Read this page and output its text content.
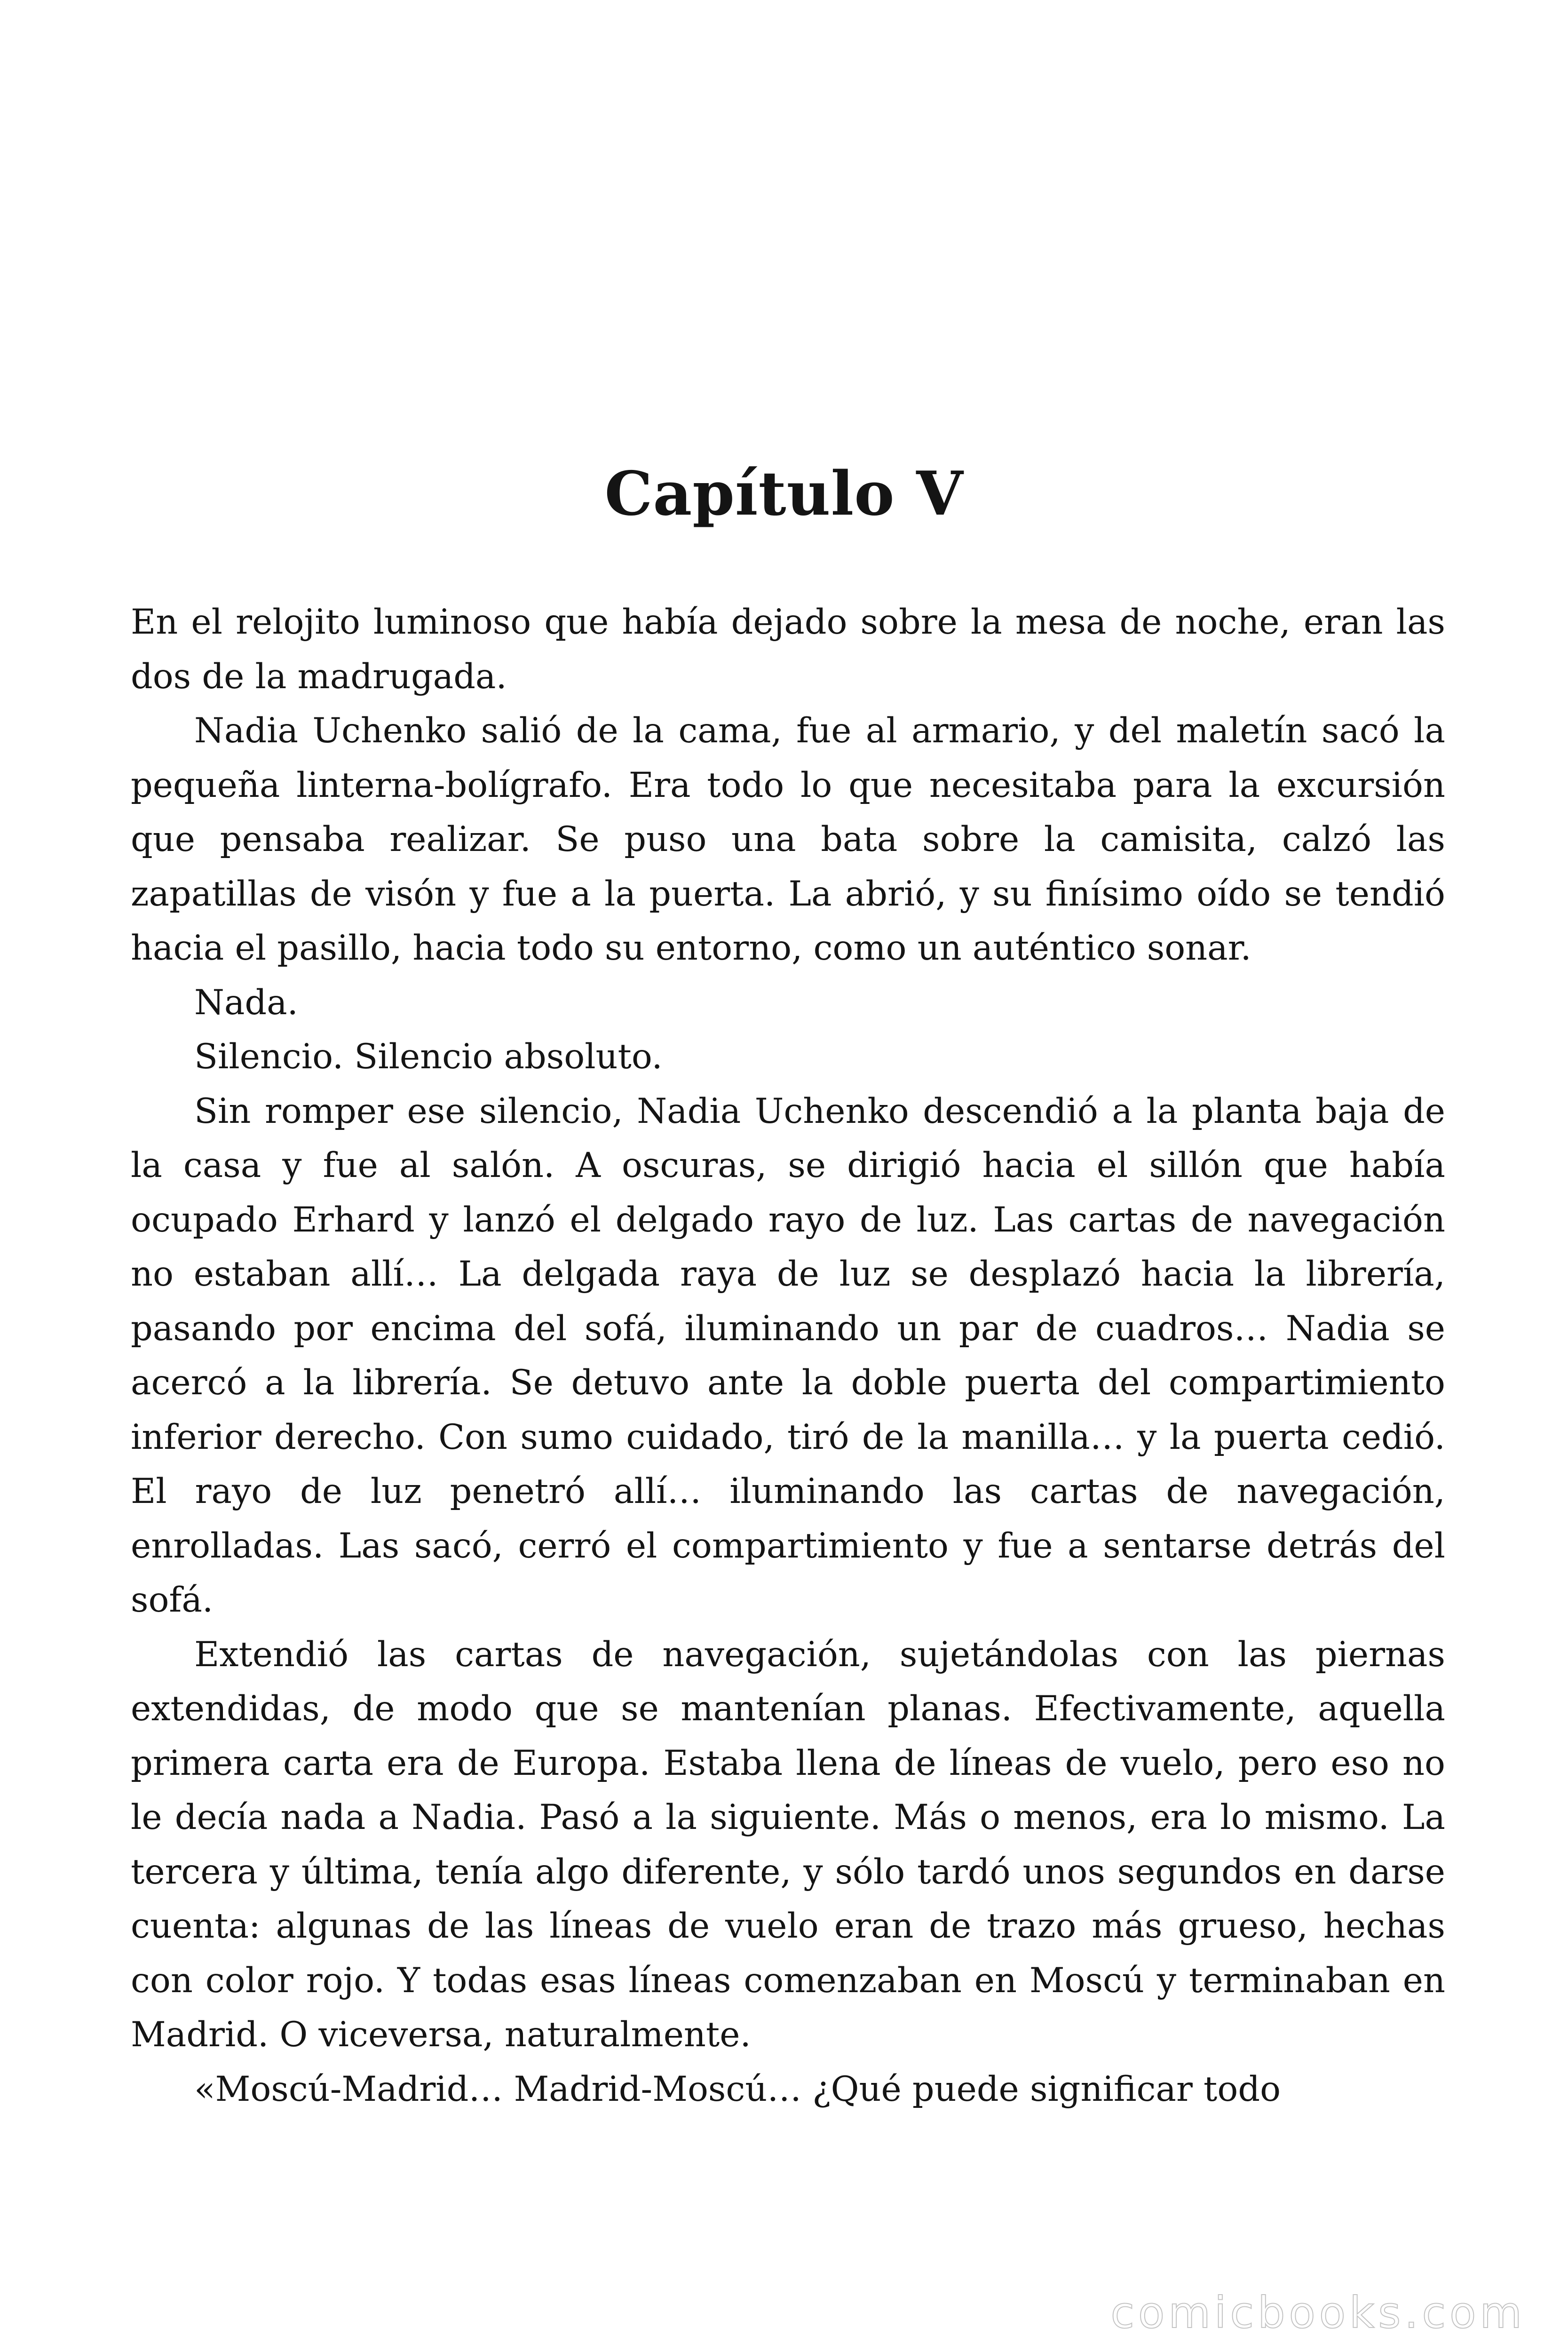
Capítulo V

En el relojito luminoso que había dejado sobre la mesa de noche, eran las dos de la madrugada.

Nadia Uchenko salió de la cama, fue al armario, y del maletín sacó la pequeña linterna-bolígrafo. Era todo lo que necesitaba para la excursión que pensaba realizar. Se puso una bata sobre la camisita, calzó las zapatillas de visón y fue a la puerta. La abrió, y su finísimo oído se tendió hacia el pasillo, hacia todo su entorno, como un auténtico sonar.

Nada.

Silencio. Silencio absoluto.

Sin romper ese silencio, Nadia Uchenko descendió a la planta baja de la casa y fue al salón. A oscuras, se dirigió hacia el sillón que había ocupado Erhard y lanzó el delgado rayo de luz. Las cartas de navegación no estaban allí… La delgada raya de luz se desplazó hacia la librería, pasando por encima del sofá, iluminando un par de cuadros… Nadia se acercó a la librería. Se detuvo ante la doble puerta del compartimiento inferior derecho. Con sumo cuidado, tiró de la manilla… y la puerta cedió. El rayo de luz penetró allí… iluminando las cartas de navegación, enrolladas. Las sacó, cerró el compartimiento y fue a sentarse detrás del sofá.

Extendió las cartas de navegación, sujetándolas con las piernas extendidas, de modo que se mantenían planas. Efectivamente, aquella primera carta era de Europa. Estaba llena de líneas de vuelo, pero eso no le decía nada a Nadia. Pasó a la siguiente. Más o menos, era lo mismo. La tercera y última, tenía algo diferente, y sólo tardó unos segundos en darse cuenta: algunas de las líneas de vuelo eran de trazo más grueso, hechas con color rojo. Y todas esas líneas comenzaban en Moscú y terminaban en Madrid. O viceversa, naturalmente.

«Moscú-Madrid… Madrid-Moscú… ¿Qué puede significar todo

comicbooks.com
